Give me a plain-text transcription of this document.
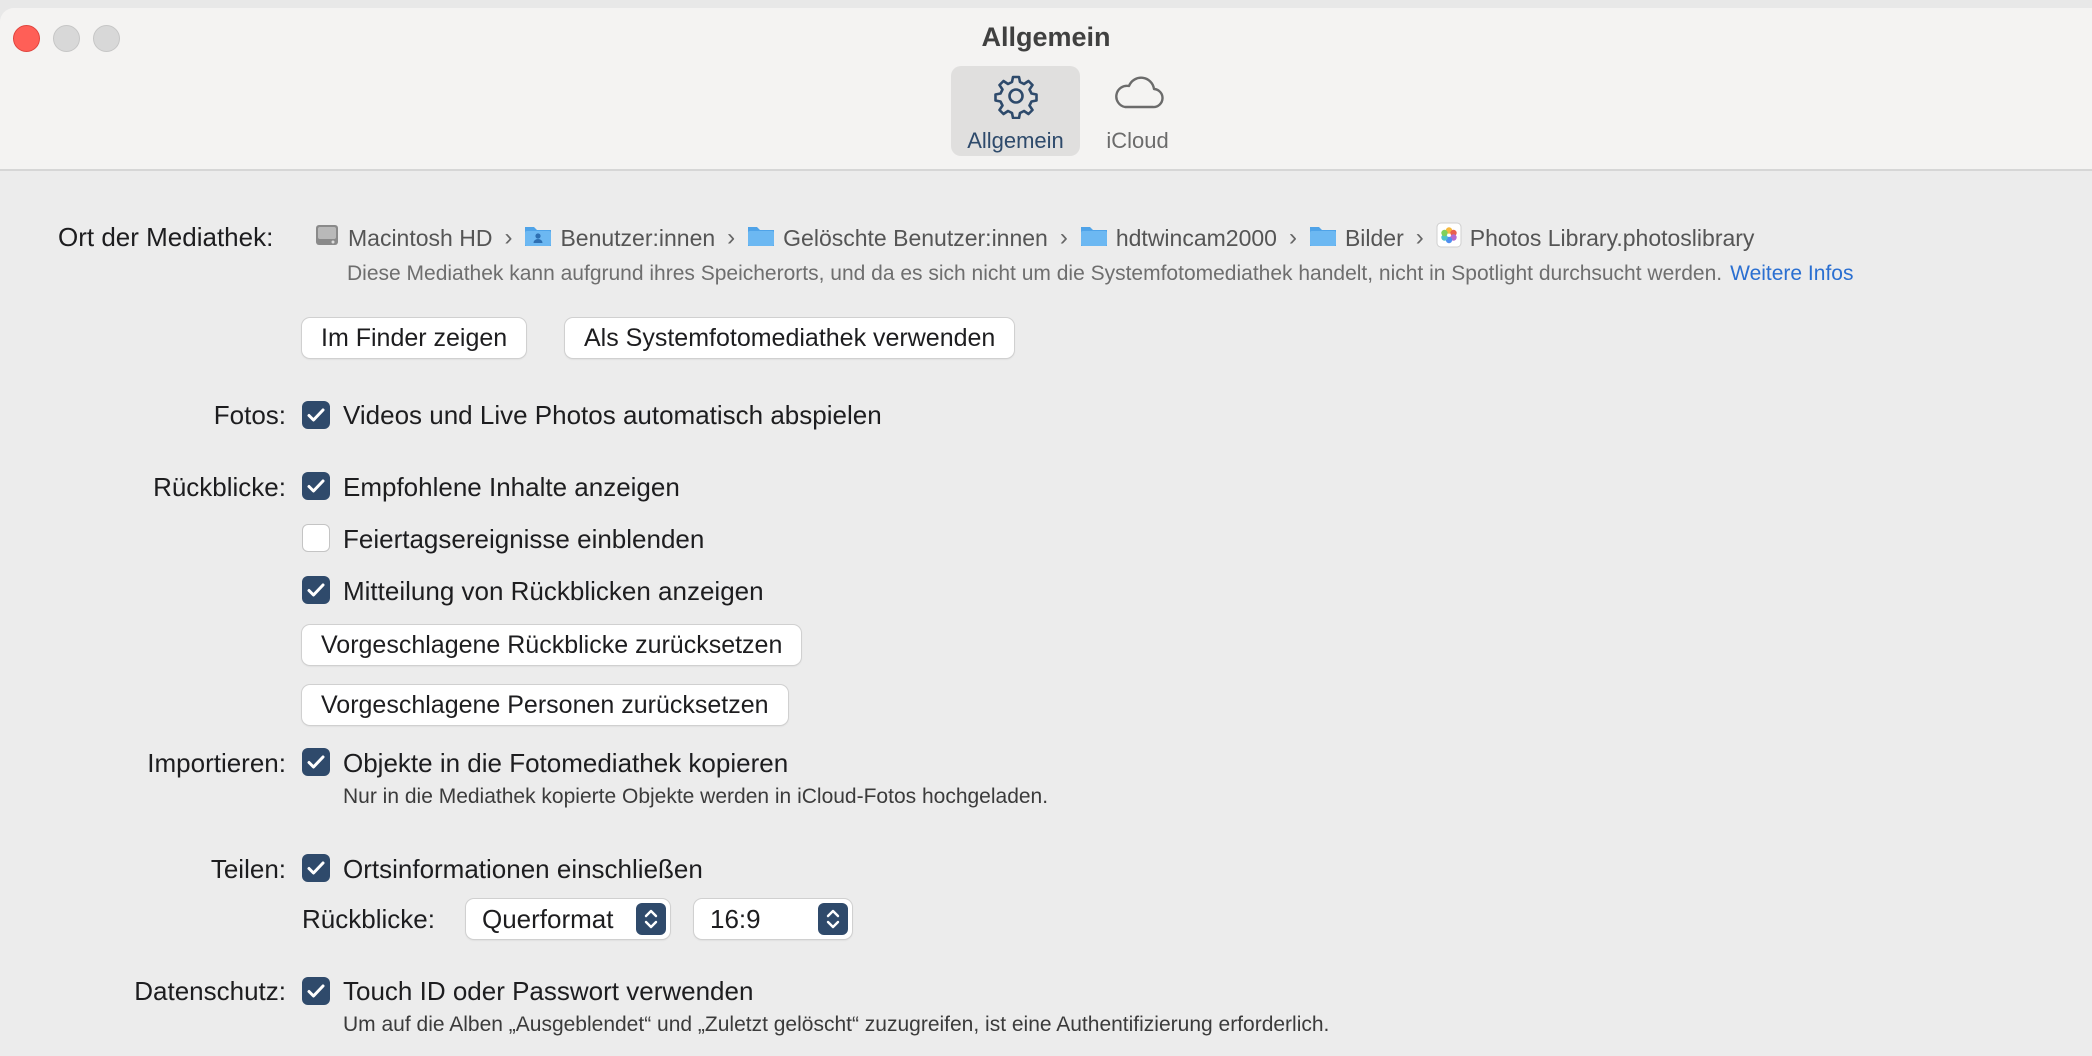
Allgemein
Allgemein	iCloud
Ort der Mediathek:	Macintosh HD › Benutzer:innen › Gelöschte Benutzer:innen › hdtwincam2000 › Bilder › Photos Library.photoslibrary
Diese Mediathek kann aufgrund ihres Speicherorts, und da es sich nicht um die Systemfotomediathek handelt, nicht in Spotlight durchsucht werden. Weitere Infos
Im Finder zeigen	Als Systemfotomediathek verwenden
Fotos: Videos und Live Photos automatisch abspielen
Rückblicke: Empfohlene Inhalte anzeigen
Feiertagsereignisse einblenden
Mitteilung von Rückblicken anzeigen
Vorgeschlagene Rückblicke zurücksetzen
Vorgeschlagene Personen zurücksetzen
Importieren: Objekte in die Fotomediathek kopieren
Nur in die Mediathek kopierte Objekte werden in iCloud-Fotos hochgeladen.
Teilen: Ortsinformationen einschließen
Rückblicke:	Querformat	16:9
Datenschutz: Touch ID oder Passwort verwenden
Um auf die Alben „Ausgeblendet“ und „Zuletzt gelöscht“ zuzugreifen, ist eine Authentifizierung erforderlich.
